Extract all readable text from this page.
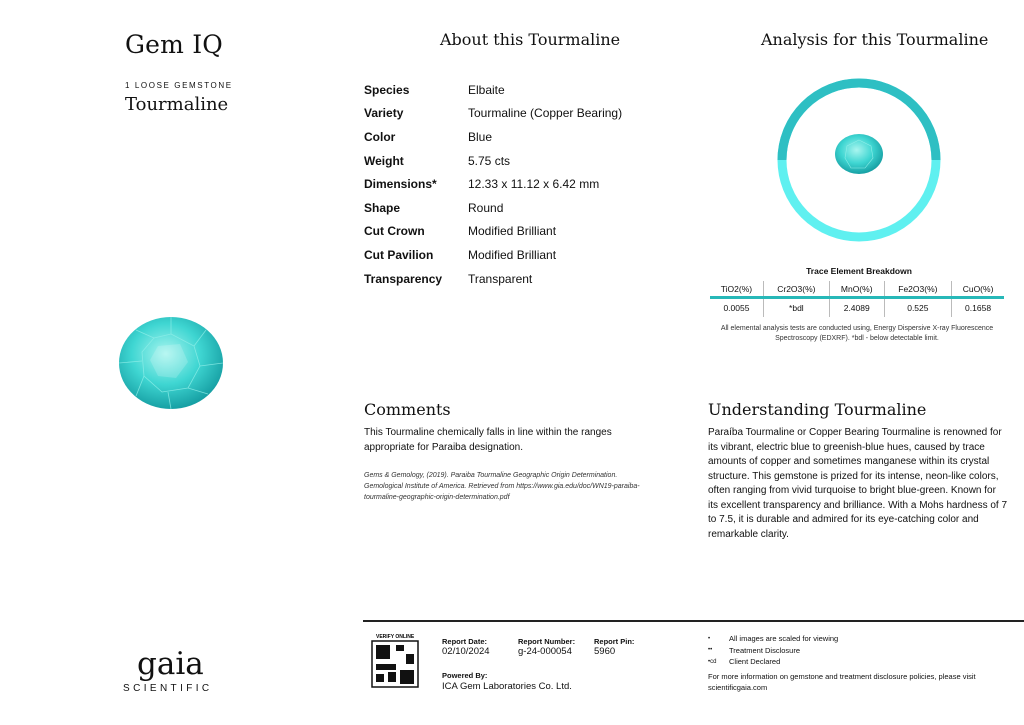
Gem IQ
1 LOOSE GEMSTONE
Tourmaline
About this Tourmaline
Species	Elbaite
Variety	Tourmaline (Copper Bearing)
Color	Blue
Weight	5.75 cts
Dimensions*	12.33 x 11.12 x 6.42 mm
Shape	Round
Cut Crown	Modified Brilliant
Cut Pavilion	Modified Brilliant
Transparency	Transparent
Analysis for this Tourmaline
Trace Element Breakdown
TiO2(%)	Cr2O3(%)	MnO(%)	Fe2O3(%)	CuO(%)
0.0055	*bdl	2.4089	0.525	0.1658
All elemental analysis tests are conducted using, Energy Dispersive X-ray Fluorescence Spectroscopy (EDXRF). *bdl - below detectable limit.
Comments
This Tourmaline chemically falls in line within the ranges appropriate for Paraiba designation.
Gems & Gemology, (2019). Paraiba Tourmaline Geographic Origin Determination. Gemological Institute of America. Retrieved from https://www.gia.edu/doc/WN19-paraiba-tourmaline-geographic-origin-determination.pdf
Understanding Tourmaline
Paraíba Tourmaline or Copper Bearing Tourmaline is renowned for its vibrant, electric blue to greenish-blue hues, caused by trace amounts of copper and sometimes manganese within its crystal structure. This gemstone is prized for its intense, neon-like colors, often ranging from vivid turquoise to bright blue-green. Known for its excellent transparency and brilliance. With a Mohs hardness of 7 to 7.5, it is durable and admired for its eye-catching color and remarkable clarity.
gaia
SCIENTIFIC
VERIFY ONLINE	Report Date:
02/10/2024
Report Number:
g-24-000054
Report Pin:
5960
Powered By:
ICA Gem Laboratories Co. Ltd.
•	All images are scaled for viewing
••	Treatment Disclosure
•cd	Client Declared
For more information on gemstone and treatment disclosure policies, please visit scientificgaia.com
